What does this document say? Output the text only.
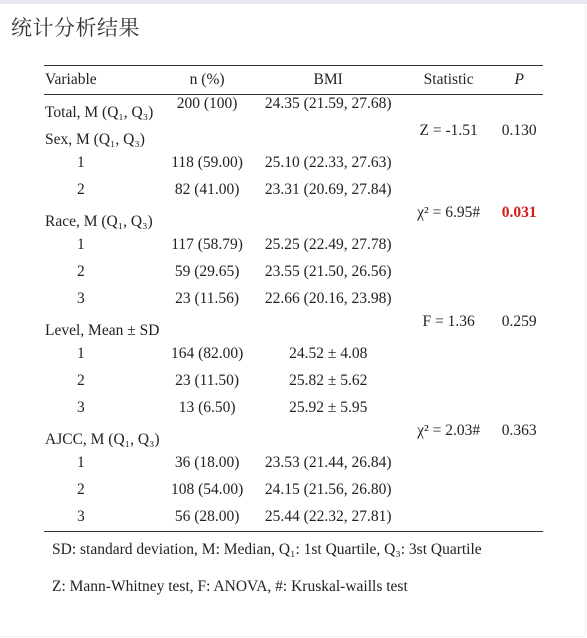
统计分析结果
Variable	n (%)	BMI	Statistic	P
Total, M (Q₁, Q₃)	200 (100)	24.35 (21.59, 27.68)		
Sex, M (Q₁, Q₃)			Z = -1.51	0.130
1	118 (59.00)	25.10 (22.33, 27.63)		
2	82 (41.00)	23.31 (20.69, 27.84)		
Race, M (Q₁, Q₃)			χ² = 6.95#	0.031
1	117 (58.79)	25.25 (22.49, 27.78)		
2	59 (29.65)	23.55 (21.50, 26.56)		
3	23 (11.56)	22.66 (20.16, 23.98)		
Level, Mean ± SD			F = 1.36	0.259
1	164 (82.00)	24.52 ± 4.08		
2	23 (11.50)	25.82 ± 5.62		
3	13 (6.50)	25.92 ± 5.95		
AJCC, M (Q₁, Q₃)			χ² = 2.03#	0.363
1	36 (18.00)	23.53 (21.44, 26.84)		
2	108 (54.00)	24.15 (21.56, 26.80)		
3	56 (28.00)	25.44 (22.32, 27.81)		
SD: standard deviation, M: Median, Q₁: 1st Quartile, Q₃: 3st Quartile
Z: Mann-Whitney test, F: ANOVA, #: Kruskal-waills test
